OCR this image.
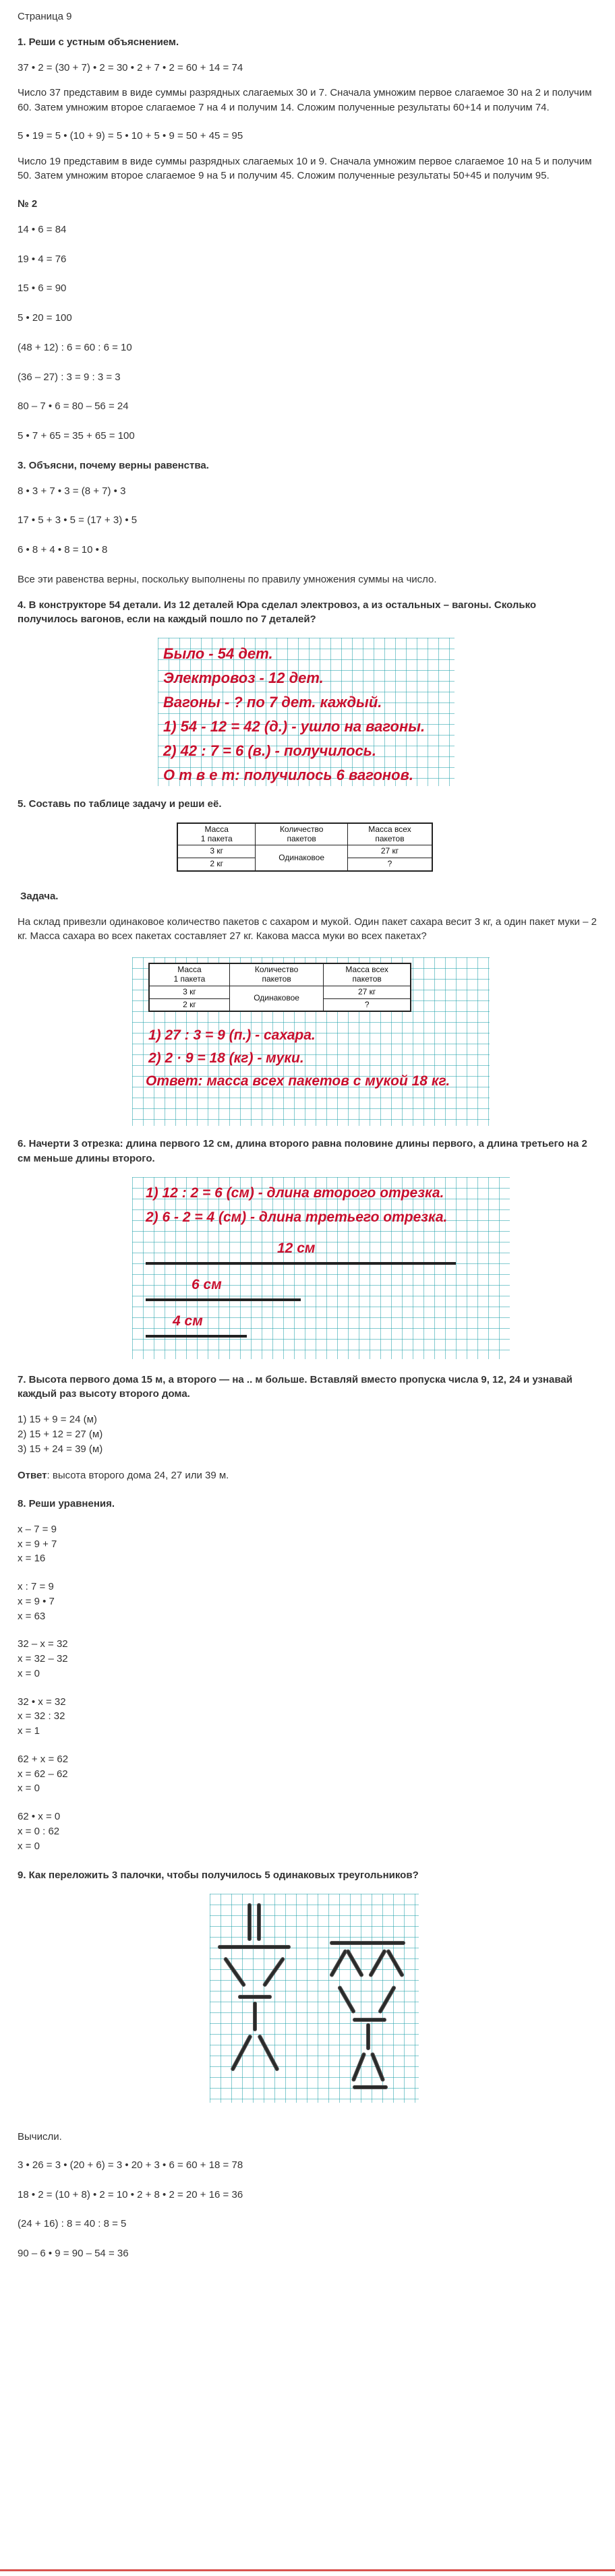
Страница 9

1. Реши с устным объяснением.

37 • 2 = (30 + 7) • 2 = 30 • 2 + 7 • 2 = 60 + 14 = 74

Число 37 представим в виде суммы разрядных слагаемых 30 и 7. Сначала умножим первое слагаемое 30 на 2 и получим 60. Затем умножим второе слагаемое 7 на 4 и получим 14. Сложим полученные результаты 60+14 и получим 74.

5 • 19 = 5 • (10 + 9) = 5 • 10 + 5 • 9 = 50 + 45 = 95

Число 19 представим в виде суммы разрядных слагаемых 10 и 9. Сначала умножим первое слагаемое 10 на 5 и получим 50. Затем умножим второе слагаемое 9 на 5 и получим 45. Сложим полученные результаты 50+45 и получим 95.

№ 2

14 • 6 = 84

19 • 4 = 76

15 • 6 = 90

5 • 20 = 100

(48 + 12) : 6 = 60 : 6 = 10

(36 – 27) : 3 = 9 : 3 = 3

80 – 7 • 6 = 80 – 56 = 24

5 • 7 + 65 = 35 + 65 = 100

3. Объясни, почему верны равенства.

8 • 3 + 7 • 3 = (8 + 7) • 3

17 • 5 + 3 • 5 = (17 + 3) • 5

6 • 8 + 4 • 8 = 10 • 8

Все эти равенства верны, поскольку выполнены по правилу умножения суммы на число.

4. В конструкторе 54 детали. Из 12 деталей Юра сделал электровоз, а из остальных – вагоны. Сколько получилось вагонов, если на каждый пошло по 7 деталей?

Было - 54 дет.

Электровоз - 12 дет.

Вагоны - ? по 7 дет. каждый.

1) 54 - 12 = 42 (д.) - ушло на вагоны.

2) 42 : 7 = 6 (в.) - получилось.

О т в е т: получилось 6 вагонов.

5. Составь по таблице задачу и реши её.

Масса
1 пакета	Количество
пакетов	Масса всех
пакетов
3 кг	Одинаковое	27 кг
2 кг		?

Задача.

На склад привезли одинаковое количество пакетов с сахаром и мукой. Один пакет сахара весит 3 кг, а один пакет муки – 2 кг. Масса сахара во всех пакетах составляет 27 кг. Какова масса муки во всех пакетах?

Масса
1 пакета	Количество
пакетов	Масса всех
пакетов
3 кг	Одинаковое	27 кг
2 кг		?

1) 27 : 3 = 9 (п.) - сахара.

2) 2 · 9 = 18 (кг) - муки.

Ответ: масса всех пакетов с мукой 18 кг.

6. Начерти 3 отрезка: длина первого 12 см, длина второго равна половине длины первого, а длина третьего на 2 см меньше длины второго.

1) 12 : 2 = 6 (см) - длина второго отрезка.

2) 6 - 2 = 4 (см) - длина третьего отрезка.

12 см

6 см

4 см

7. Высота первого дома 15 м, а второго — на .. м больше. Вставляй вместо пропуска числа 9, 12, 24 и узнавай каждый раз высоту второго дома.

1) 15 + 9 = 24 (м)

2) 15 + 12 = 27 (м)

3) 15 + 24 = 39 (м)

Ответ: высота второго дома 24, 27 или 39 м.

8. Реши уравнения.

x – 7 = 9

x = 9 + 7

x = 16

x : 7 = 9

x = 9 • 7

x = 63

32 – x = 32

x = 32 – 32

x = 0

32 • x = 32

x = 32 : 32

x = 1

62 + x = 62

x = 62 – 62

x = 0

62 • x = 0

x = 0 : 62

x = 0

9. Как переложить 3 палочки, чтобы получилось 5 одинаковых треугольников?

Вычисли.

3 • 26 = 3 • (20 + 6) = 3 • 20 + 3 • 6 = 60 + 18 = 78

18 • 2 = (10 + 8) • 2 = 10 • 2 + 8 • 2 = 20 + 16 = 36

(24 + 16) : 8 = 40 : 8 = 5

90 – 6 • 9 = 90 – 54 = 36
